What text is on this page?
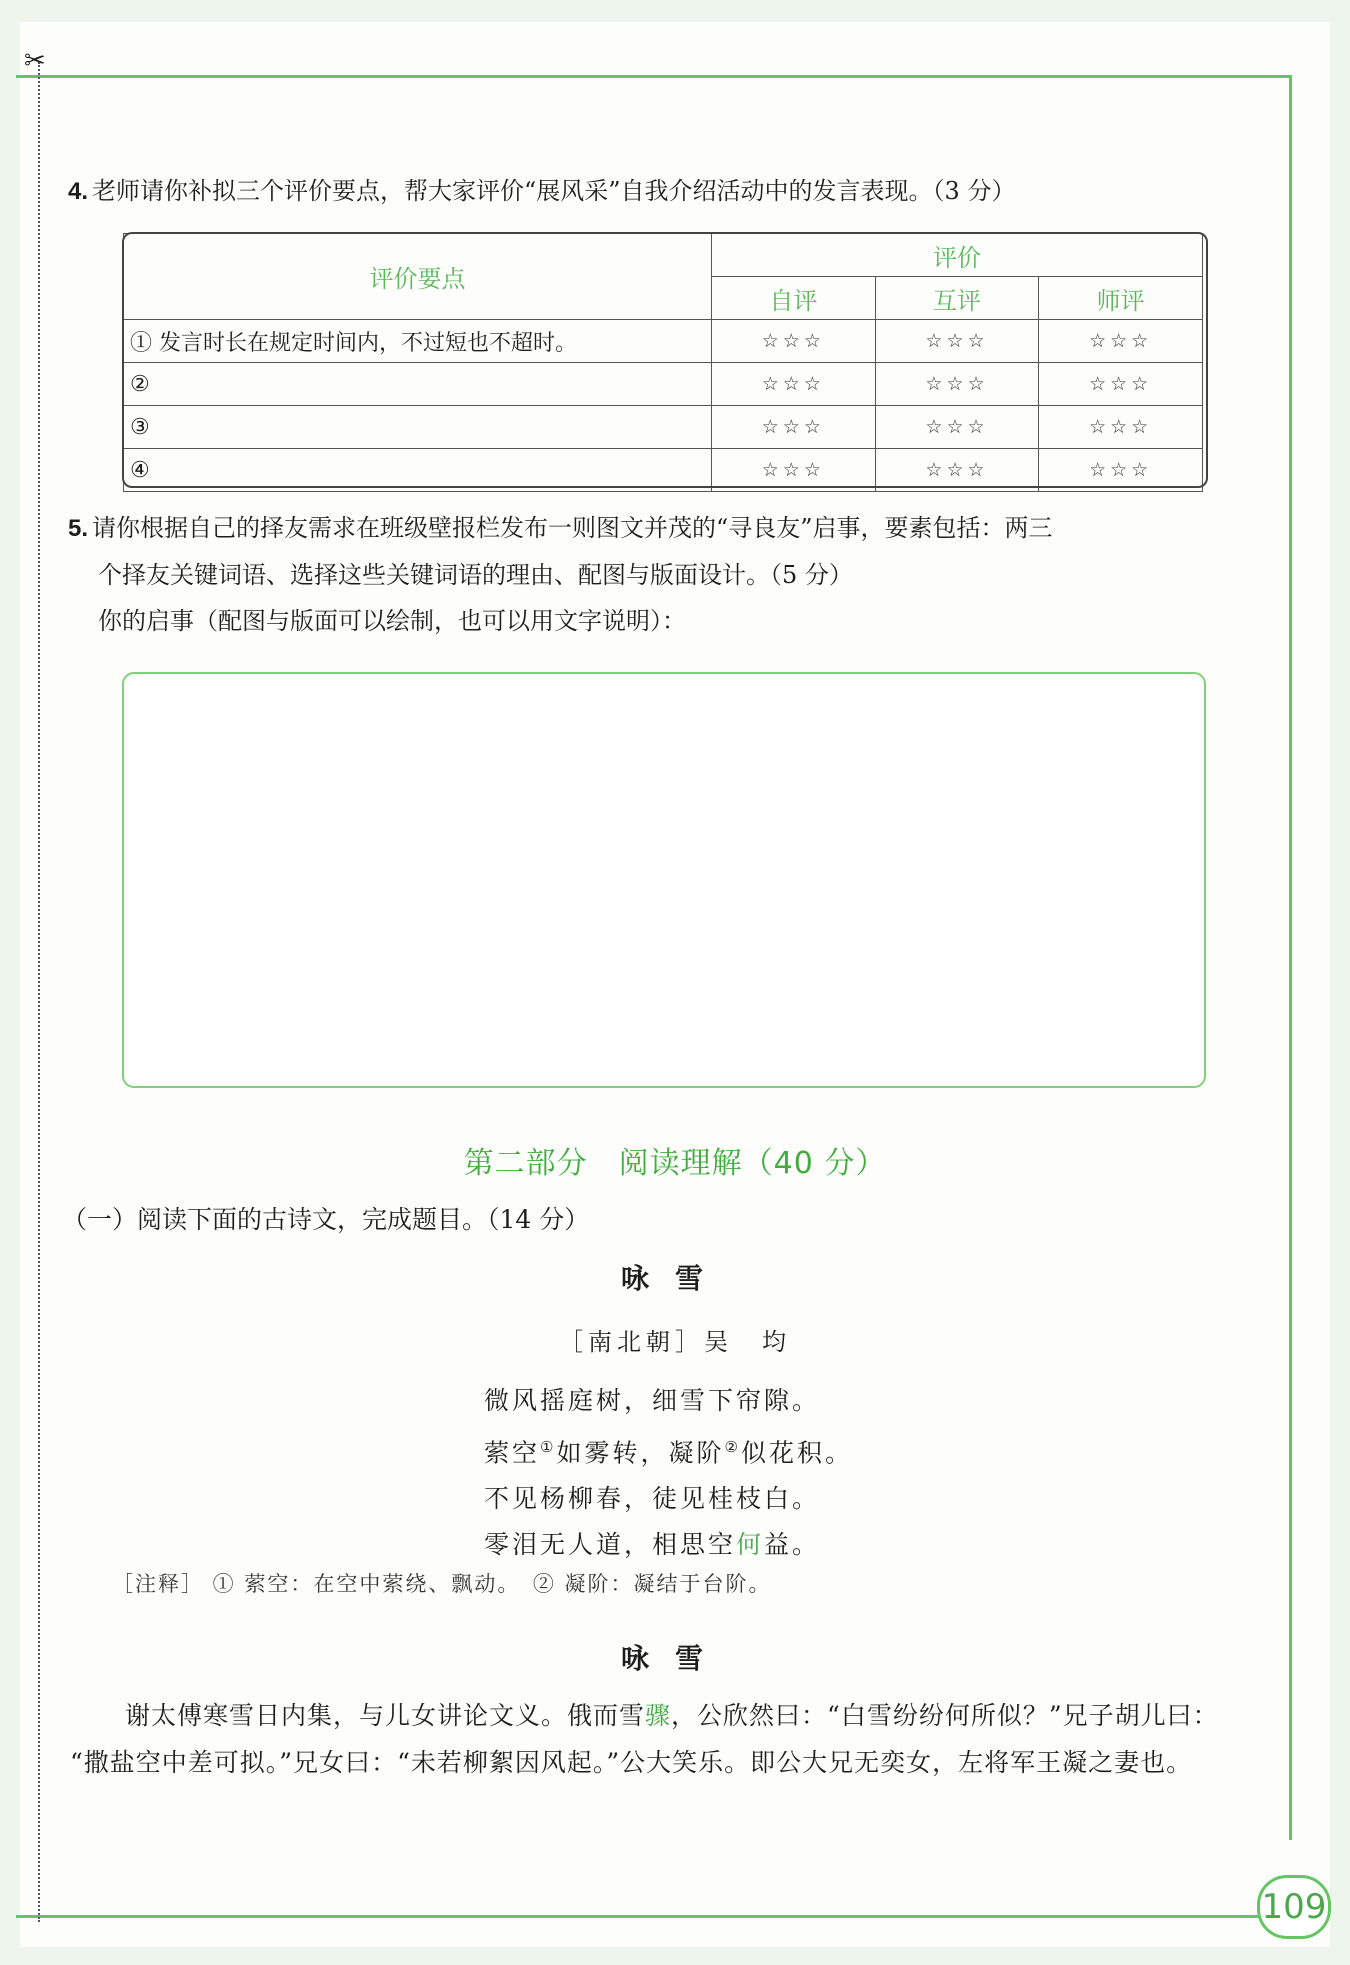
✂
4. 老师请你补拟三个评价要点，帮大家评价“展风采”自我介绍活动中的发言表现。（3 分）
评价要点	评价		
	自评	互评	师评
① 发言时长在规定时间内，不过短也不超时。	☆☆☆	☆☆☆	☆☆☆
②	☆☆☆	☆☆☆	☆☆☆
③	☆☆☆	☆☆☆	☆☆☆
④	☆☆☆	☆☆☆	☆☆☆
5. 请你根据自己的择友需求在班级壁报栏发布一则图文并茂的“寻良友”启事，要素包括：两三
个择友关键词语、选择这些关键词语的理由、配图与版面设计。（5 分）
你的启事（配图与版面可以绘制，也可以用文字说明）：
第二部分　阅读理解（40 分）
（一）阅读下面的古诗文，完成题目。（14 分）
咏雪
［南北朝］吴　均
微风摇庭树，细雪下帘隙。
萦空①如雾转，凝阶②似花积。
不见杨柳春，徒见桂枝白。
零泪无人道，相思空何益。
［注释］ ① 萦空：在空中萦绕、飘动。　② 凝阶：凝结于台阶。
咏雪
谢太傅寒雪日内集，与儿女讲论文义。俄而雪骤，公欣然曰：“白雪纷纷何所似？”兄子胡儿曰：
“撒盐空中差可拟。”兄女曰：“未若柳絮因风起。”公大笑乐。即公大兄无奕女，左将军王凝之妻也。
109
